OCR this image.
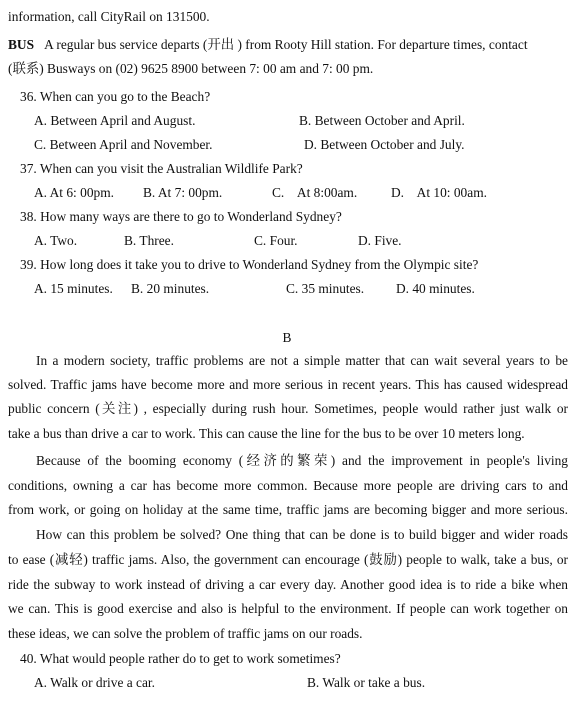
information, call CityRail on 131500.
BUS A regular bus service departs (开出 ) from Rooty Hill station. For departure times, contact
(联系) Busways on (02) 9625 8900 between 7: 00 am and 7: 00 pm.
36. When can you go to the Beach?
A. Between April and August.	B. Between October and April.
C. Between April and November.	D. Between October and July.
37. When can you visit the Australian Wildlife Park?
A. At 6: 00pm. B. At 7: 00pm.	C.    At 8:00am.	D.    At 10: 00am.
38. How many ways are there to go to Wonderland Sydney?
A. Two.	B. Three.	C. Four.	D. Five.
39. How long does it take you to drive to Wonderland Sydney from the Olympic site?
A. 15 minutes. B. 20 minutes.	C. 35 minutes. D. 40 minutes.
B
In a modern society, traffic problems are not a simple matter that can wait several years to be
solved. Traffic jams have become more and more serious in recent years. This has caused widespread
public concern (关注) , especially during rush hour. Sometimes, people would rather just walk or
take a bus than drive a car to work. This can cause the line for the bus to be over 10 meters long.
Because of the booming economy (经济的繁荣) and the improvement in people's living
conditions, owning a car has become more common. Because more people are driving cars to and
from work, or going on holiday at the same time, traffic jams are becoming bigger and more serious.
How can this problem be solved? One thing that can be done is to build bigger and wider roads
to ease (减轻) traffic jams. Also, the government can encourage (鼓励) people to walk, take a bus, or
ride the subway to work instead of driving a car every day. Another good idea is to ride a bike when
we can. This is good exercise and also is helpful to the environment. If people can work together on
these ideas, we can solve the problem of traffic jams on our roads.
40. What would people rather do to get to work sometimes?
A. Walk or drive a car.	B. Walk or take a bus.
